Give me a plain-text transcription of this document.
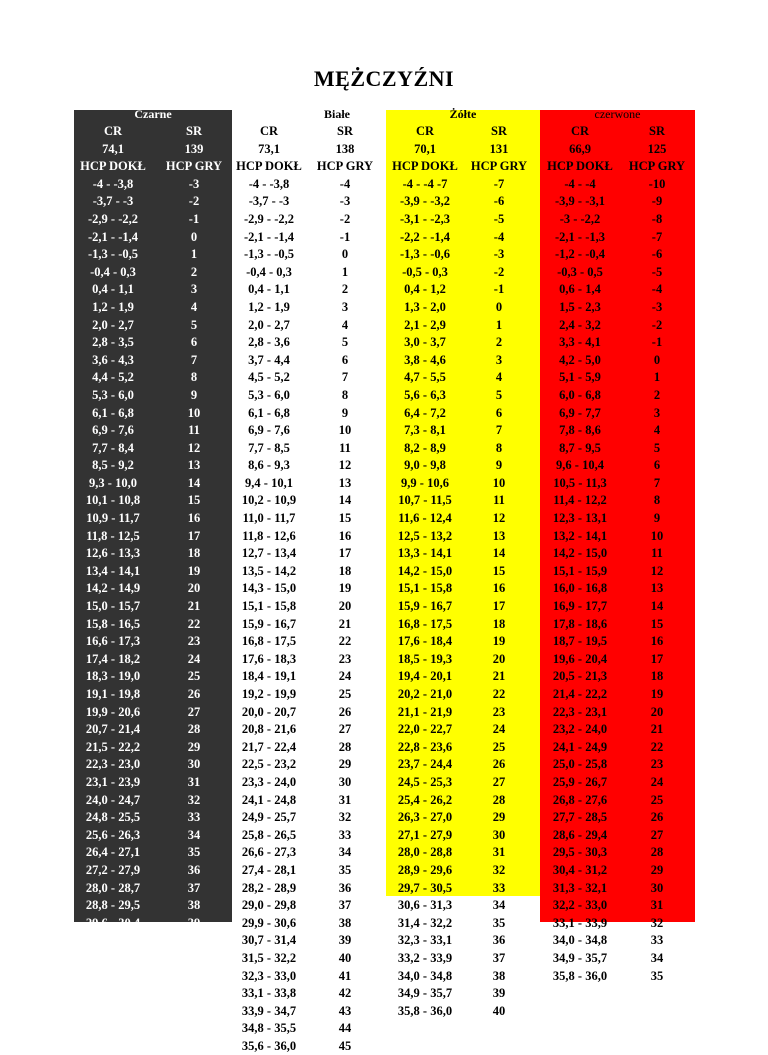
MĘŻCZYŹNI
Czarne
CR
74,1
HCP DOKŁ
-4 - -3,8
-3,7 - -3
-2,9 - -2,2
-2,1 - -1,4
-1,3 - -0,5
-0,4 - 0,3
0,4 - 1,1
1,2 - 1,9
2,0 - 2,7
2,8 - 3,5
3,6 - 4,3
4,4 - 5,2
5,3 - 6,0
6,1 - 6,8
6,9 - 7,6
7,7 - 8,4
8,5 - 9,2
9,3 - 10,0
10,1 - 10,8
10,9 - 11,7
11,8 - 12,5
12,6 - 13,3
13,4 - 14,1
14,2 - 14,9
15,0 - 15,7
15,8 - 16,5
16,6 - 17,3
17,4 - 18,2
18,3 - 19,0
19,1 - 19,8
19,9 - 20,6
20,7 - 21,4
21,5 - 22,2
22,3 - 23,0
23,1 - 23,9
24,0 - 24,7
24,8 - 25,5
25,6 - 26,3
26,4 - 27,1
27,2 - 27,9
28,0 - 28,7
28,8 - 29,5
29,6 - 30,4
30,5 - 31,2
31,3 - 32,0
32,1 - 32,8
32,9 - 33,6
33,7 - 34,4
34,5 - 35,2
35,3 - 36,0
SR
139
HCP GRY
-3
-2
-1
0
1
2
3
4
5
6
7
8
9
10
11
12
13
14
15
16
17
18
19
20
21
22
23
24
25
26
27
28
29
30
31
32
33
34
35
36
37
38
39
40
41
42
43
44
45
46
Białe
CR
73,1
HCP DOKŁ
-4 - -3,8
-3,7 - -3
-2,9 - -2,2
-2,1 - -1,4
-1,3 - -0,5
-0,4 - 0,3
0,4 - 1,1
1,2 - 1,9
2,0 - 2,7
2,8 - 3,6
3,7 - 4,4
4,5 - 5,2
5,3 - 6,0
6,1 - 6,8
6,9 - 7,6
7,7 - 8,5
8,6 - 9,3
9,4 - 10,1
10,2 - 10,9
11,0 - 11,7
11,8 - 12,6
12,7 - 13,4
13,5 - 14,2
14,3 - 15,0
15,1 - 15,8
15,9 - 16,7
16,8 - 17,5
17,6 - 18,3
18,4 - 19,1
19,2 - 19,9
20,0 - 20,7
20,8 - 21,6
21,7 - 22,4
22,5 - 23,2
23,3 - 24,0
24,1 - 24,8
24,9 - 25,7
25,8 - 26,5
26,6 - 27,3
27,4 - 28,1
28,2 - 28,9
29,0 - 29,8
29,9 - 30,6
30,7 - 31,4
31,5 - 32,2
32,3 - 33,0
33,1 - 33,8
33,9 - 34,7
34,8 - 35,5
35,6 - 36,0
SR
138
HCP GRY
-4
-3
-2
-1
0
1
2
3
4
5
6
7
8
9
10
11
12
13
14
15
16
17
18
19
20
21
22
23
24
25
26
27
28
29
30
31
32
33
34
35
36
37
38
39
40
41
42
43
44
45
Żółte
CR
70,1
HCP DOKŁ
-4 - -4 -7
-3,9 - -3,2
-3,1 - -2,3
-2,2 - -1,4
-1,3 - -0,6
-0,5 - 0,3
0,4 - 1,2
1,3 - 2,0
2,1 - 2,9
3,0 - 3,7
3,8 - 4,6
4,7 - 5,5
5,6 - 6,3
6,4 - 7,2
7,3 - 8,1
8,2 - 8,9
9,0 - 9,8
9,9 - 10,6
10,7 - 11,5
11,6 - 12,4
12,5 - 13,2
13,3 - 14,1
14,2 - 15,0
15,1 - 15,8
15,9 - 16,7
16,8 - 17,5
17,6 - 18,4
18,5 - 19,3
19,4 - 20,1
20,2 - 21,0
21,1 - 21,9
22,0 - 22,7
22,8 - 23,6
23,7 - 24,4
24,5 - 25,3
25,4 - 26,2
26,3 - 27,0
27,1 - 27,9
28,0 - 28,8
28,9 - 29,6
29,7 - 30,5
30,6 - 31,3
31,4 - 32,2
32,3 - 33,1
33,2 - 33,9
34,0 - 34,8
34,9 - 35,7
35,8 - 36,0
SR
131
HCP GRY
-7
-6
-5
-4
-3
-2
-1
0
1
2
3
4
5
6
7
8
9
10
11
12
13
14
15
16
17
18
19
20
21
22
23
24
25
26
27
28
29
30
31
32
33
34
35
36
37
38
39
40
czerwone
CR
66,9
HCP DOKŁ
-4 - -4
-3,9 - -3,1
-3 - -2,2
-2,1 - -1,3
-1,2 - -0,4
-0,3 - 0,5
0,6 - 1,4
1,5 - 2,3
2,4 - 3,2
3,3 - 4,1
4,2 - 5,0
5,1 - 5,9
6,0 - 6,8
6,9 - 7,7
7,8 - 8,6
8,7 - 9,5
9,6 - 10,4
10,5 - 11,3
11,4 - 12,2
12,3 - 13,1
13,2 - 14,1
14,2 - 15,0
15,1 - 15,9
16,0 - 16,8
16,9 - 17,7
17,8 - 18,6
18,7 - 19,5
19,6 - 20,4
20,5 - 21,3
21,4 - 22,2
22,3 - 23,1
23,2 - 24,0
24,1 - 24,9
25,0 - 25,8
25,9 - 26,7
26,8 - 27,6
27,7 - 28,5
28,6 - 29,4
29,5 - 30,3
30,4 - 31,2
31,3 - 32,1
32,2 - 33,0
33,1 - 33,9
34,0 - 34,8
34,9 - 35,7
35,8 - 36,0
SR
125
HCP GRY
-10
-9
-8
-7
-6
-5
-4
-3
-2
-1
0
1
2
3
4
5
6
7
8
9
10
11
12
13
14
15
16
17
18
19
20
21
22
23
24
25
26
27
28
29
30
31
32
33
34
35
